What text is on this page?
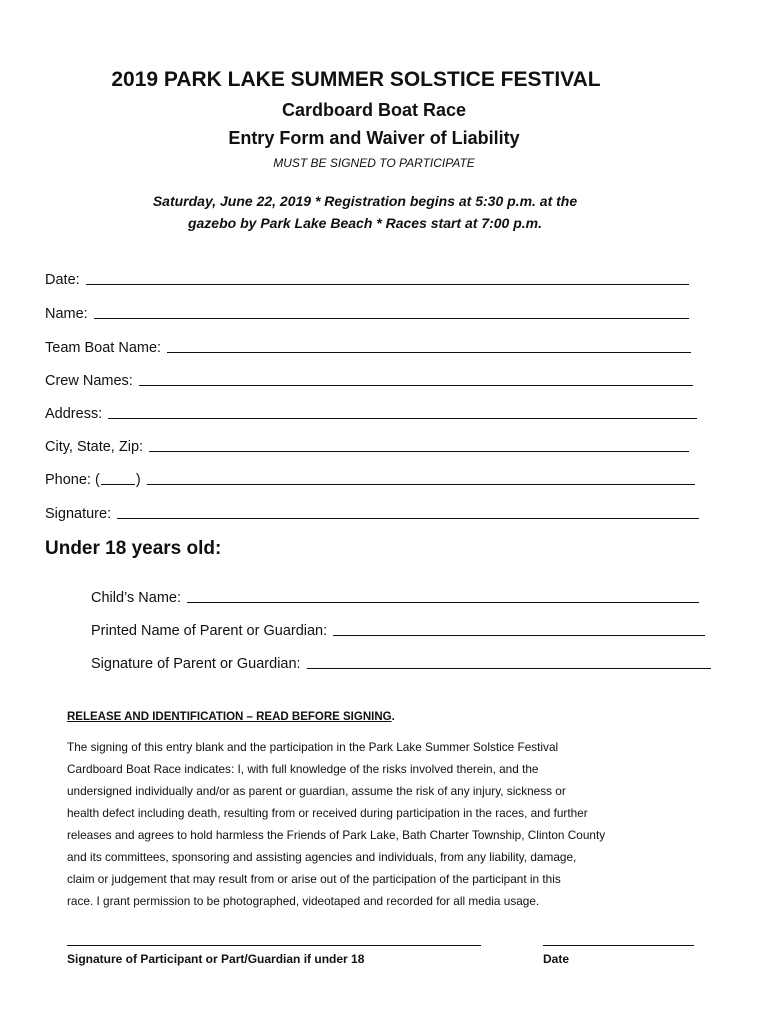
2019 PARK LAKE SUMMER SOLSTICE FESTIVAL
Cardboard Boat Race
Entry Form and Waiver of Liability
MUST BE SIGNED TO PARTICIPATE
Saturday, June 22, 2019 * Registration begins at 5:30 p.m. at the
gazebo by Park Lake Beach * Races start at 7:00 p.m.
Date:
Name:
Team Boat Name:
Crew Names:
Address:
City, State, Zip:
Phone: ( )
Signature:
Under 18 years old:
Child’s Name:
Printed Name of Parent or Guardian:
Signature of Parent or Guardian:
RELEASE AND IDENTIFICATION – READ BEFORE SIGNING.
The signing of this entry blank and the participation in the Park Lake Summer Solstice Festival
Cardboard Boat Race indicates: I, with full knowledge of the risks involved therein, and the
undersigned individually and/or as parent or guardian, assume the risk of any injury, sickness or
health defect including death, resulting from or received during participation in the races, and further
releases and agrees to hold harmless the Friends of Park Lake, Bath Charter Township, Clinton County
and its committees, sponsoring and assisting agencies and individuals, from any liability, damage,
claim or judgement that may result from or arise out of the participation of the participant in this
race. I grant permission to be photographed, videotaped and recorded for all media usage.
Signature of Participant or Part/Guardian if under 18	Date
